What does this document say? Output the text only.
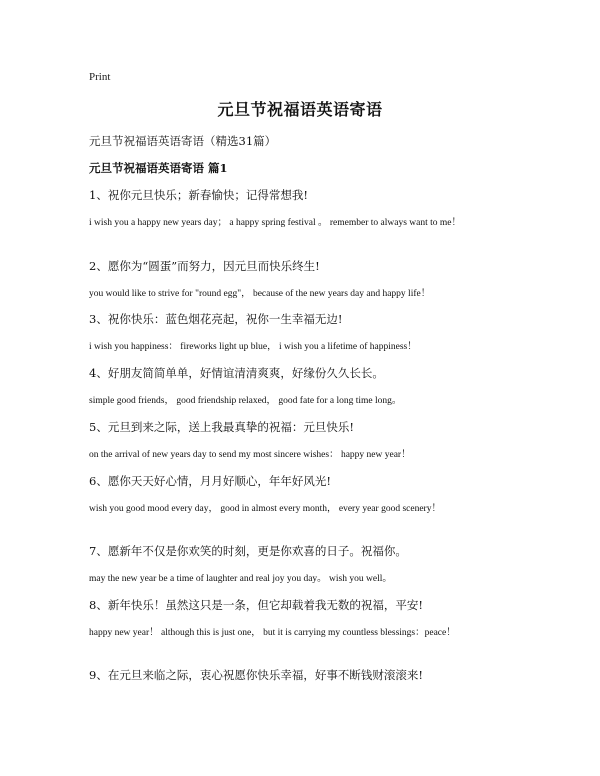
Print
元旦节祝福语英语寄语
元旦节祝福语英语寄语（精选31篇）
元旦节祝福语英语寄语 篇1
1、祝你元旦快乐；新春愉快；记得常想我!
i wish you a happy new years day； a happy spring festival 。 remember to always want to me！
2、愿你为“圆蛋”而努力，因元旦而快乐终生!
you would like to strive for "round egg"， because of the new years day and happy life！
3、祝你快乐：蓝色烟花亮起，祝你一生幸福无边!
i wish you happiness： fireworks light up blue， i wish you a lifetime of happiness！
4、好朋友简简单单，好情谊清清爽爽，好缘份久久长长。
simple good friends， good friendship relaxed， good fate for a long time long。
5、元旦到来之际，送上我最真挚的祝福：元旦快乐!
on the arrival of new years day to send my most sincere wishes： happy new year！
6、愿你天天好心情，月月好顺心，年年好风光!
wish you good mood every day， good in almost every month， every year good scenery！
7、愿新年不仅是你欢笑的时刻，更是你欢喜的日子。祝福你。
may the new year be a time of laughter and real joy you day。 wish you well。
8、新年快乐！虽然这只是一条，但它却载着我无数的祝福，平安!
happy new year！ although this is just one， but it is carrying my countless blessings：peace！
9、在元旦来临之际，衷心祝愿你快乐幸福，好事不断钱财滚滚来!
